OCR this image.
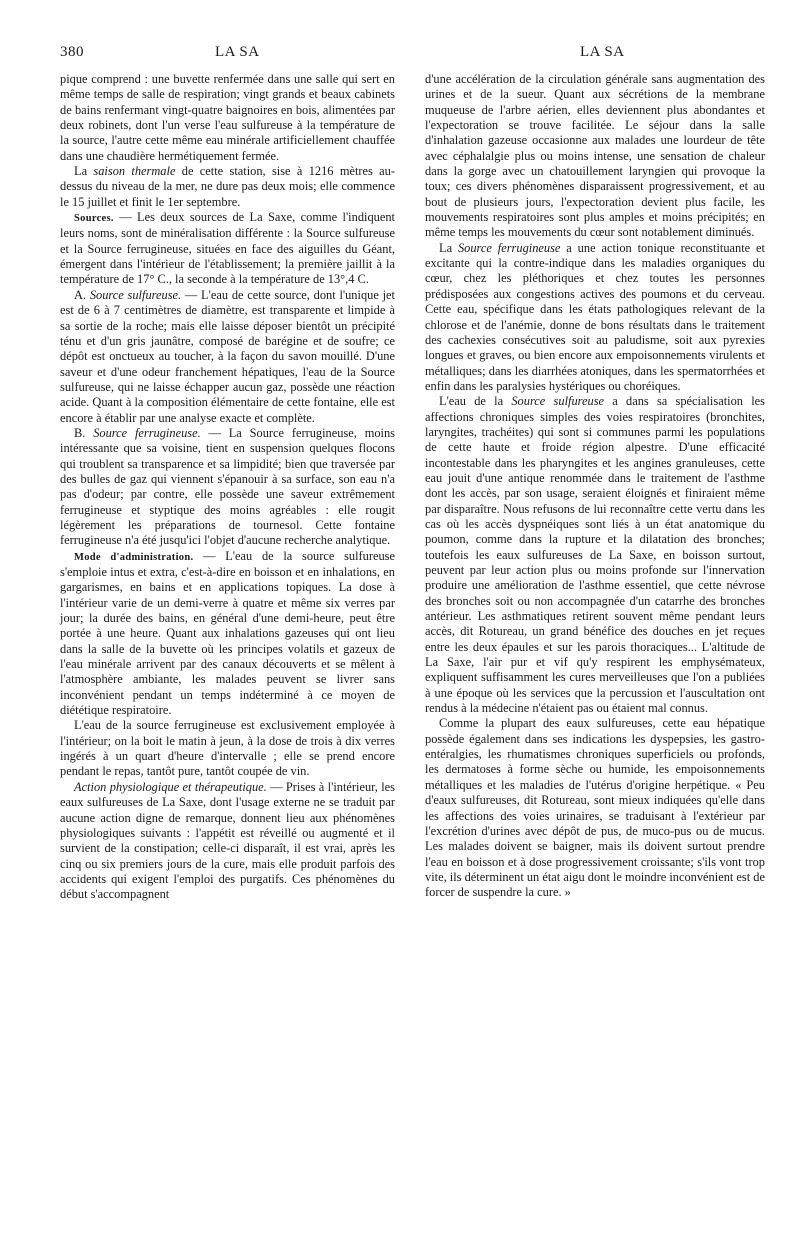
380	LA SA	LA SA

pique comprend : une buvette renfermée dans une salle qui sert en même temps de salle de respiration; vingt grands et beaux cabinets de bains renfermant vingt-quatre baignoires en bois, alimentées par deux robinets, dont l'un verse l'eau sulfureuse à la température de la source, l'autre cette même eau minérale artificiellement chauffée dans une chaudière hermétiquement fermée.

La saison thermale de cette station, sise à 1216 mètres au-dessus du niveau de la mer, ne dure pas deux mois; elle commence le 15 juillet et finit le 1er septembre.

Sources. — Les deux sources de La Saxe, comme l'indiquent leurs noms, sont de minéralisation différente : la Source sulfureuse et la Source ferrugineuse, situées en face des aiguilles du Géant, émergent dans l'intérieur de l'établissement; la première jaillit à la température de 17° C., la seconde à la température de 13°,4 C.

A. Source sulfureuse. — L'eau de cette source, dont l'unique jet est de 6 à 7 centimètres de diamètre, est transparente et limpide à sa sortie de la roche; mais elle laisse déposer bientôt un précipité ténu et d'un gris jaunâtre, composé de barégine et de soufre; ce dépôt est onctueux au toucher, à la façon du savon mouillé. D'une saveur et d'une odeur franchement hépatiques, l'eau de la Source sulfureuse, qui ne laisse échapper aucun gaz, possède une réaction acide. Quant à la composition élémentaire de cette fontaine, elle est encore à établir par une analyse exacte et complète.

B. Source ferrugineuse. — La Source ferrugineuse, moins intéressante que sa voisine, tient en suspension quelques flocons qui troublent sa transparence et sa limpidité; bien que traversée par des bulles de gaz qui viennent s'épanouir à sa surface, son eau n'a pas d'odeur; par contre, elle possède une saveur extrêmement ferrugineuse et styptique des moins agréables : elle rougit légèrement les préparations de tournesol. Cette fontaine ferrugineuse n'a été jusqu'ici l'objet d'aucune recherche analytique.

Mode d'administration. — L'eau de la source sulfureuse s'emploie intus et extra, c'est-à-dire en boisson et en inhalations, en gargarismes, en bains et en applications topiques. La dose à l'intérieur varie de un demi-verre à quatre et même six verres par jour; la durée des bains, en général d'une demi-heure, peut être portée à une heure. Quant aux inhalations gazeuses qui ont lieu dans la salle de la buvette où les principes volatils et gazeux de l'eau minérale arrivent par des canaux découverts et se mêlent à l'atmosphère ambiante, les malades peuvent se livrer sans inconvénient pendant un temps indéterminé à ce moyen de diététique respiratoire.

L'eau de la source ferrugineuse est exclusivement employée à l'intérieur; on la boit le matin à jeun, à la dose de trois à dix verres ingérés à un quart d'heure d'intervalle ; elle se prend encore pendant le repas, tantôt pure, tantôt coupée de vin.

Action physiologique et thérapeutique. — Prises à l'intérieur, les eaux sulfureuses de La Saxe, dont l'usage externe ne se traduit par aucune action digne de remarque, donnent lieu aux phénomènes physiologiques suivants : l'appétit est réveillé ou augmenté et il survient de la constipation; celle-ci disparaît, il est vrai, après les cinq ou six premiers jours de la cure, mais elle produit parfois des accidents qui exigent l'emploi des purgatifs. Ces phénomènes du début s'accompagnent

d'une accélération de la circulation générale sans augmentation des urines et de la sueur. Quant aux sécrétions de la membrane muqueuse de l'arbre aérien, elles deviennent plus abondantes et l'expectoration se trouve facilitée. Le séjour dans la salle d'inhalation gazeuse occasionne aux malades une lourdeur de tête avec céphalalgie plus ou moins intense, une sensation de chaleur dans la gorge avec un chatouillement laryngien qui provoque la toux; ces divers phénomènes disparaissent progressivement, et au bout de plusieurs jours, l'expectoration devient plus facile, les mouvements respiratoires sont plus amples et moins précipités; en même temps les mouvements du cœur sont notablement diminués.

La Source ferrugineuse a une action tonique reconstituante et excitante qui la contre-indique dans les maladies organiques du cœur, chez les pléthoriques et chez toutes les personnes prédisposées aux congestions actives des poumons et du cerveau. Cette eau, spécifique dans les états pathologiques relevant de la chlorose et de l'anémie, donne de bons résultats dans le traitement des cachexies consécutives soit au paludisme, soit aux pyrexies longues et graves, ou bien encore aux empoisonnements virulents et métalliques; dans les diarrhées atoniques, dans les spermatorrhées et enfin dans les paralysies hystériques ou choréiques.

L'eau de la Source sulfureuse a dans sa spécialisation les affections chroniques simples des voies respiratoires (bronchites, laryngites, trachéites) qui sont si communes parmi les populations de cette haute et froide région alpestre. D'une efficacité incontestable dans les pharyngites et les angines granuleuses, cette eau jouit d'une antique renommée dans le traitement de l'asthme dont les accès, par son usage, seraient éloignés et finiraient même par disparaître. Nous refusons de lui reconnaître cette vertu dans les cas où les accès dyspnéiques sont liés à un état anatomique du poumon, comme dans la rupture et la dilatation des bronches; toutefois les eaux sulfureuses de La Saxe, en boisson surtout, peuvent par leur action plus ou moins profonde sur l'innervation produire une amélioration de l'asthme essentiel, que cette névrose des bronches soit ou non accompagnée d'un catarrhe des bronches antérieur. Les asthmatiques retirent souvent même pendant leurs accès, dit Rotureau, un grand bénéfice des douches en jet reçues entre les deux épaules et sur les parois thoraciques... L'altitude de La Saxe, l'air pur et vif qu'y respirent les emphysémateux, expliquent suffisamment les cures merveilleuses que l'on a publiées à une époque où les services que la percussion et l'auscultation ont rendus à la médecine n'étaient pas ou étaient mal connus.

Comme la plupart des eaux sulfureuses, cette eau hépatique possède également dans ses indications les dyspepsies, les gastro-entéralgies, les rhumatismes chroniques superficiels ou profonds, les dermatoses à forme sèche ou humide, les empoisonnements métalliques et les maladies de l'utérus d'origine herpétique. « Peu d'eaux sulfureuses, dit Rotureau, sont mieux indiquées qu'elle dans les affections des voies urinaires, se traduisant à l'extérieur par l'excrétion d'urines avec dépôt de pus, de muco-pus ou de mucus. Les malades doivent se baigner, mais ils doivent surtout prendre l'eau en boisson et à dose progressivement croissante; s'ils vont trop vite, ils déterminent un état aigu dont le moindre inconvénient est de forcer de suspendre la cure. »
